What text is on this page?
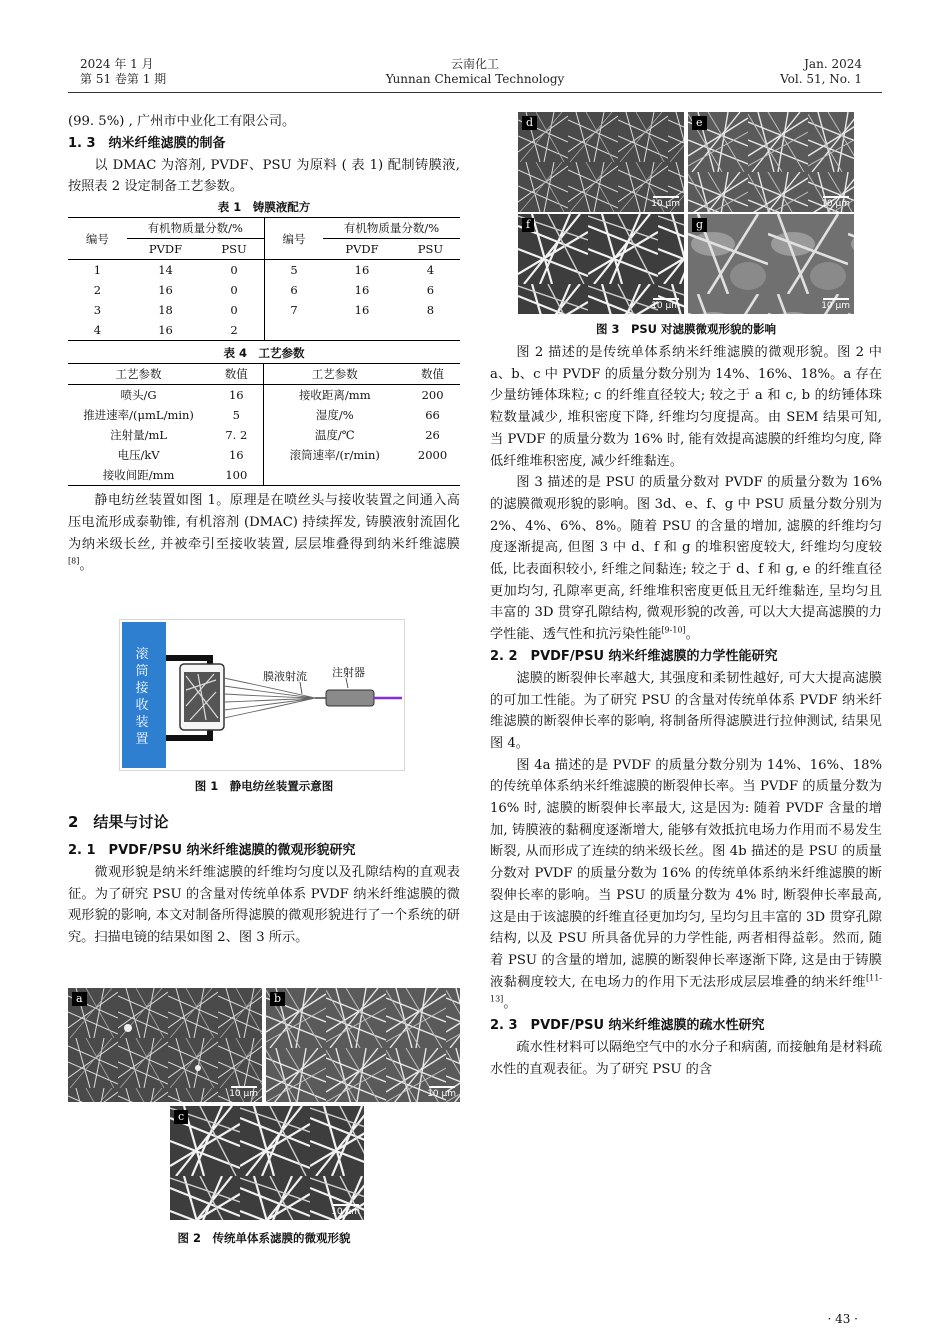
2024 年 1 月
第 51 卷第 1 期
云南化工
Yunnan Chemical Technology
Jan. 2024
Vol. 51, No. 1

(99. 5%) , 广州市中业化工有限公司。

1. 3　纳米纤维滤膜的制备

以 DMAC 为溶剂, PVDF、PSU 为原料 ( 表 1) 配制铸膜液, 按照表 2 设定制备工艺参数。

表 1　铸膜液配方
编号	有机物质量分数/%		编号	有机物质量分数/%	
	PVDF	PSU		PVDF	PSU
1	14	0	5	16	4
2	16	0	6	16	6
3	18	0	7	16	8
4	16	2			
表 4　工艺参数
工艺参数	数值	工艺参数	数值
喷头/G	16	接收距离/mm	200
推进速率/(μmL/min)	5	湿度/%	66
注射量/mL	7. 2	温度/℃	26
电压/kV	16	滚筒速率/(r/min)	2000
接收间距/mm	100		

静电纺丝装置如图 1。原理是在喷丝头与接收装置之间通入高压电流形成泰勒锥, 有机溶剂 (DMAC) 持续挥发, 铸膜液射流固化为纳米级长丝, 并被牵引至接收装置, 层层堆叠得到纳米纤维滤膜[8]。

滚筒接收装置
膜液射流 注射器
图 1　静电纺丝装置示意图

2　结果与讨论

2. 1　PVDF/PSU 纳米纤维滤膜的微观形貌研究

微观形貌是纳米纤维滤膜的纤维均匀度以及孔隙结构的直观表征。为了研究 PSU 的含量对传统单体系 PVDF 纳米纤维滤膜的微观形貌的影响, 本文对制备所得滤膜的微观形貌进行了一个系统的研究。扫描电镜的结果如图 2、图 3 所示。

a
10 μm
b
10 μm
c
10 μm
图 2　传统单体系滤膜的微观形貌
d
10 μm
e
10 μm
f
10 μm
g
10 μm
图 3　PSU 对滤膜微观形貌的影响

图 2 描述的是传统单体系纳米纤维滤膜的微观形貌。图 2 中 a、b、c 中 PVDF 的质量分数分别为 14%、16%、18%。a 存在少量纺锤体珠粒; c 的纤维直径较大; 较之于 a 和 c, b 的纺锤体珠粒数量减少, 堆积密度下降, 纤维均匀度提高。由 SEM 结果可知, 当 PVDF 的质量分数为 16% 时, 能有效提高滤膜的纤维均匀度, 降低纤维堆积密度, 减少纤维黏连。

图 3 描述的是 PSU 的质量分数对 PVDF 的质量分数为 16% 的滤膜微观形貌的影响。图 3d、e、f、g 中 PSU 质量分数分别为 2%、4%、6%、8%。随着 PSU 的含量的增加, 滤膜的纤维均匀度逐渐提高, 但图 3 中 d、f 和 g 的堆积密度较大, 纤维均匀度较低, 比表面积较小, 纤维之间黏连; 较之于 d、f 和 g, e 的纤维直径更加均匀, 孔隙率更高, 纤维堆积密度更低且无纤维黏连, 呈均匀且丰富的 3D 贯穿孔隙结构, 微观形貌的改善, 可以大大提高滤膜的力学性能、透气性和抗污染性能[9-10]。

2. 2　PVDF/PSU 纳米纤维滤膜的力学性能研究

滤膜的断裂伸长率越大, 其强度和柔韧性越好, 可大大提高滤膜的可加工性能。为了研究 PSU 的含量对传统单体系 PVDF 纳米纤维滤膜的断裂伸长率的影响, 将制备所得滤膜进行拉伸测试, 结果见图 4。

图 4a 描述的是 PVDF 的质量分数分别为 14%、16%、18% 的传统单体系纳米纤维滤膜的断裂伸长率。当 PVDF 的质量分数为 16% 时, 滤膜的断裂伸长率最大, 这是因为: 随着 PVDF 含量的增加, 铸膜液的黏稠度逐渐增大, 能够有效抵抗电场力作用而不易发生断裂, 从而形成了连续的纳米级长丝。图 4b 描述的是 PSU 的质量分数对 PVDF 的质量分数为 16% 的传统单体系纳米纤维滤膜的断裂伸长率的影响。当 PSU 的质量分数为 4% 时, 断裂伸长率最高, 这是由于该滤膜的纤维直径更加均匀, 呈均匀且丰富的 3D 贯穿孔隙结构, 以及 PSU 所具备优异的力学性能, 两者相得益彰。然而, 随着 PSU 的含量的增加, 滤膜的断裂伸长率逐渐下降, 这是由于铸膜液黏稠度较大, 在电场力的作用下无法形成层层堆叠的纳米纤维[11-13]。

2. 3　PVDF/PSU 纳米纤维滤膜的疏水性研究

疏水性材料可以隔绝空气中的水分子和病菌, 而接触角是材料疏水性的直观表征。为了研究 PSU 的含

· 43 ·
